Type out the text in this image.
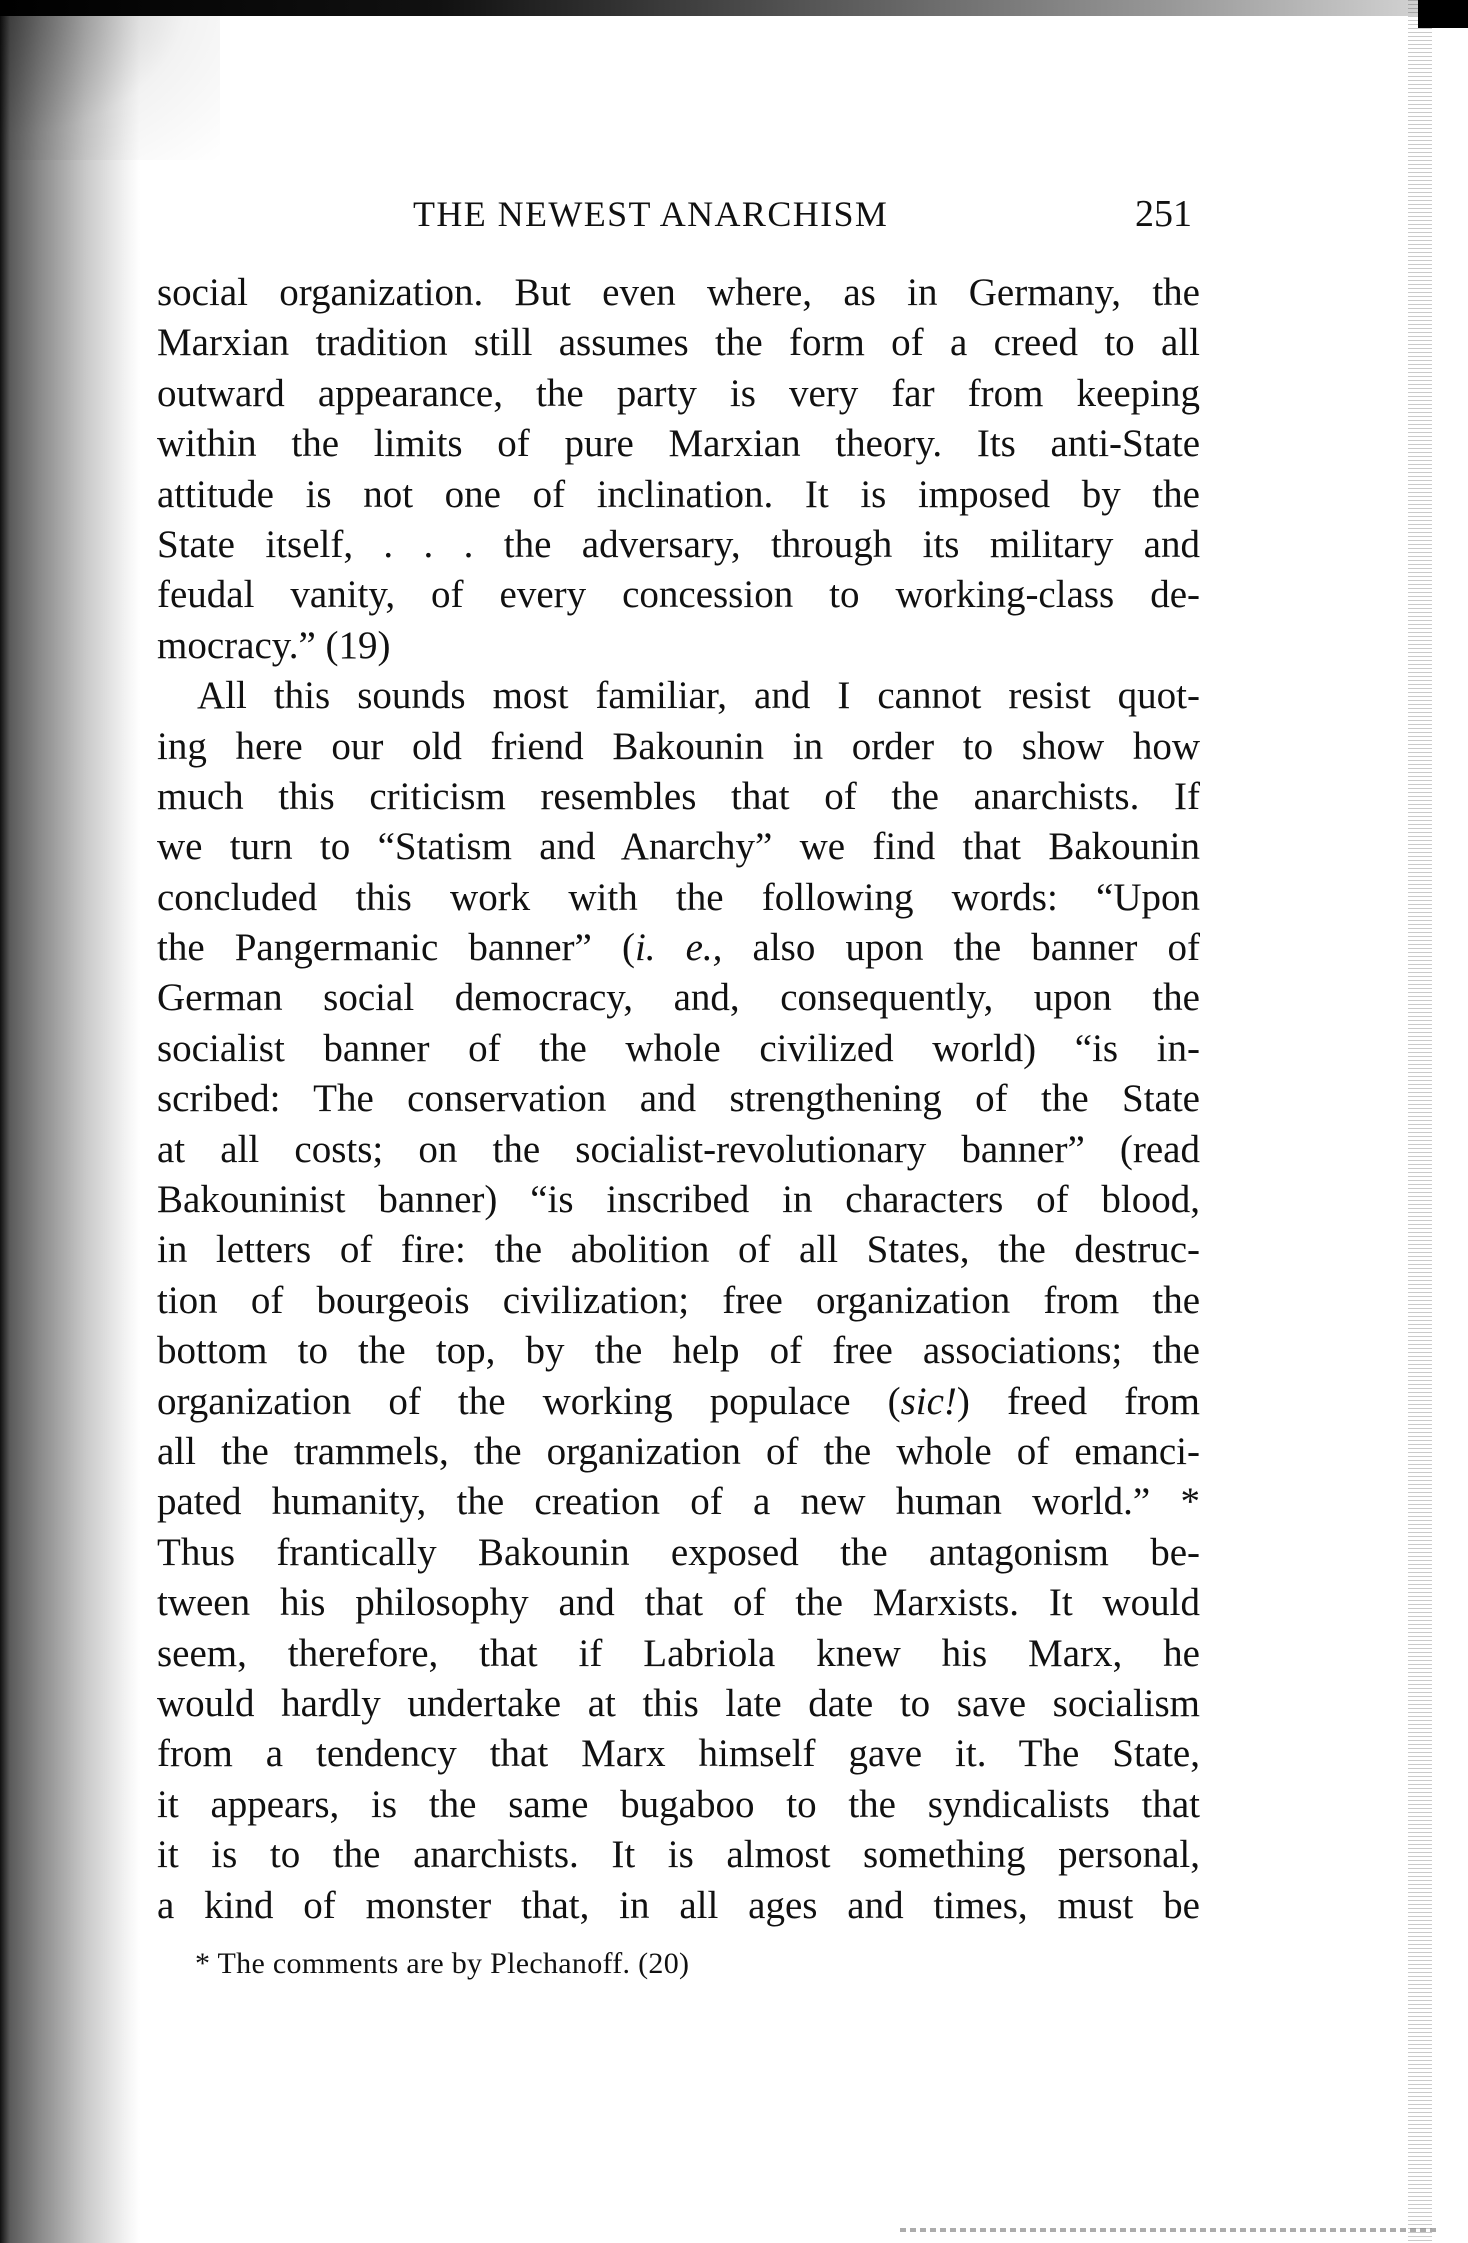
THE NEWEST ANARCHISM	251
social organization. But even where, as in Germany, the
Marxian tradition still assumes the form of a creed to all
outward appearance, the party is very far from keeping
within the limits of pure Marxian theory. Its anti-State
attitude is not one of inclination. It is imposed by the
State itself, . . . the adversary, through its military and
feudal vanity, of every concession to working-class de-
mocracy.” (19)
All this sounds most familiar, and I cannot resist quot-
ing here our old friend Bakounin in order to show how
much this criticism resembles that of the anarchists. If
we turn to “Statism and Anarchy” we find that Bakounin
concluded this work with the following words: “Upon
the Pangermanic banner” (i. e., also upon the banner of
German social democracy, and, consequently, upon the
socialist banner of the whole civilized world) “is in-
scribed: The conservation and strengthening of the State
at all costs; on the socialist-revolutionary banner” (read
Bakouninist banner) “is inscribed in characters of blood,
in letters of fire: the abolition of all States, the destruc-
tion of bourgeois civilization; free organization from the
bottom to the top, by the help of free associations; the
organization of the working populace (sic!) freed from
all the trammels, the organization of the whole of emanci-
pated humanity, the creation of a new human world.” *
Thus frantically Bakounin exposed the antagonism be-
tween his philosophy and that of the Marxists. It would
seem, therefore, that if Labriola knew his Marx, he
would hardly undertake at this late date to save socialism
from a tendency that Marx himself gave it. The State,
it appears, is the same bugaboo to the syndicalists that
it is to the anarchists. It is almost something personal,
a kind of monster that, in all ages and times, must be
* The comments are by Plechanoff. (20)
